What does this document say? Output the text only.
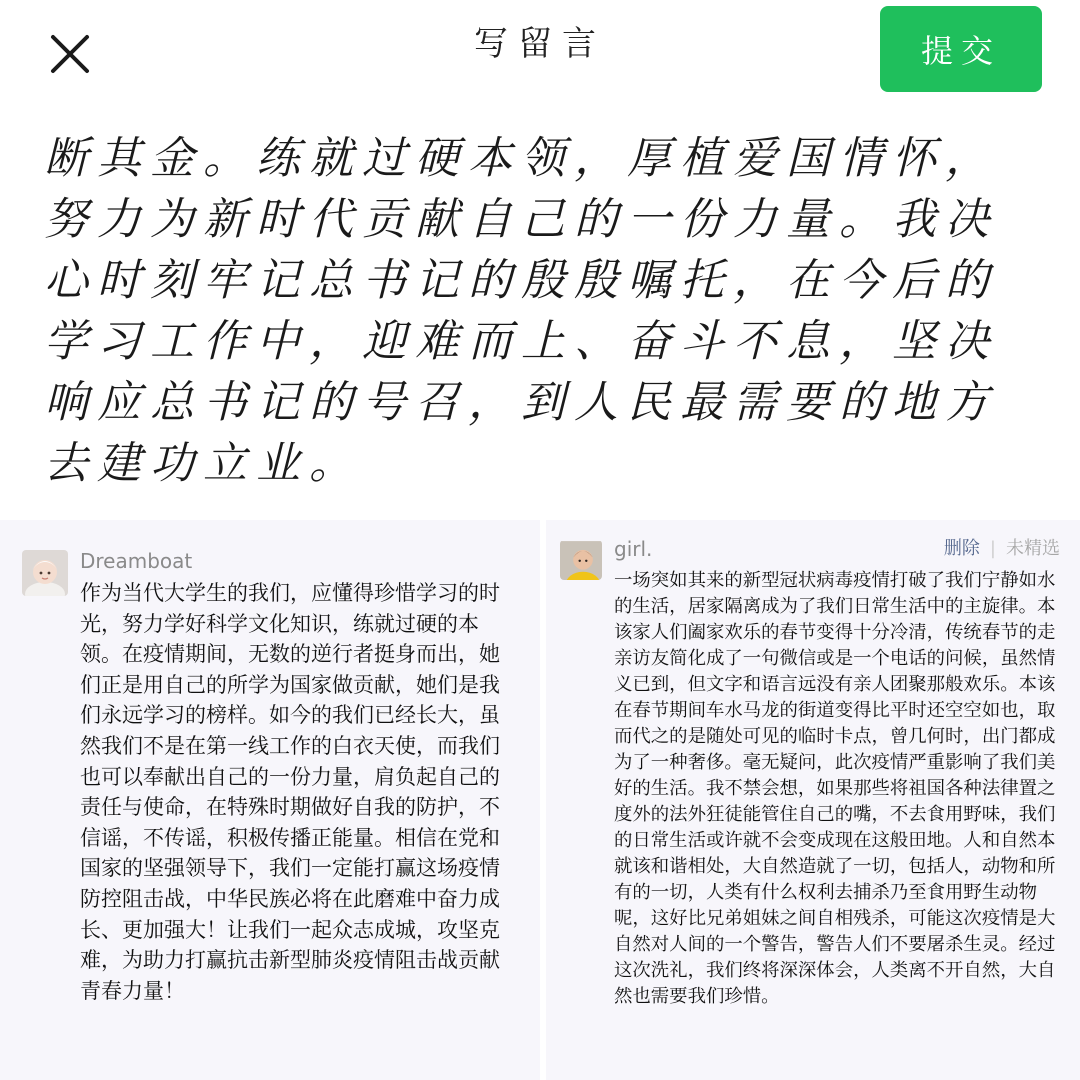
写留言	提交
断其金。练就过硬本领，厚植爱国情怀，努力为新时代贡献自己的一份力量。我决心时刻牢记总书记的殷殷嘱托，在今后的学习工作中，迎难而上、奋斗不息，坚决响应总书记的号召，到人民最需要的地方去建功立业。
Dreamboat
作为当代大学生的我们，应懂得珍惜学习的时光，努力学好科学文化知识，练就过硬的本领。在疫情期间，无数的逆行者挺身而出，她们正是用自己的所学为国家做贡献，她们是我们永远学习的榜样。如今的我们已经长大，虽然我们不是在第一线工作的白衣天使，而我们也可以奉献出自己的一份力量，肩负起自己的责任与使命，在特殊时期做好自我的防护，不信谣，不传谣，积极传播正能量。相信在党和国家的坚强领导下，我们一定能打赢这场疫情防控阻击战，中华民族必将在此磨难中奋力成长、更加强大！让我们一起众志成城，攻坚克难，为助力打赢抗击新型肺炎疫情阻击战贡献青春力量！
girl.	删除 | 未精选
一场突如其来的新型冠状病毒疫情打破了我们宁静如水的生活，居家隔离成为了我们日常生活中的主旋律。本该家人们阖家欢乐的春节变得十分冷清，传统春节的走亲访友简化成了一句微信或是一个电话的问候，虽然情义已到，但文字和语言远没有亲人团聚那般欢乐。本该在春节期间车水马龙的街道变得比平时还空空如也，取而代之的是随处可见的临时卡点，曾几何时，出门都成为了一种奢侈。毫无疑问，此次疫情严重影响了我们美好的生活。我不禁会想，如果那些将祖国各种法律置之度外的法外狂徒能管住自己的嘴，不去食用野味，我们的日常生活或许就不会变成现在这般田地。人和自然本就该和谐相处，大自然造就了一切，包括人，动物和所有的一切，人类有什么权利去捕杀乃至食用野生动物呢，这好比兄弟姐妹之间自相残杀，可能这次疫情是大自然对人间的一个警告，警告人们不要屠杀生灵。经过这次洗礼，我们终将深深体会，人类离不开自然，大自然也需要我们珍惜。
